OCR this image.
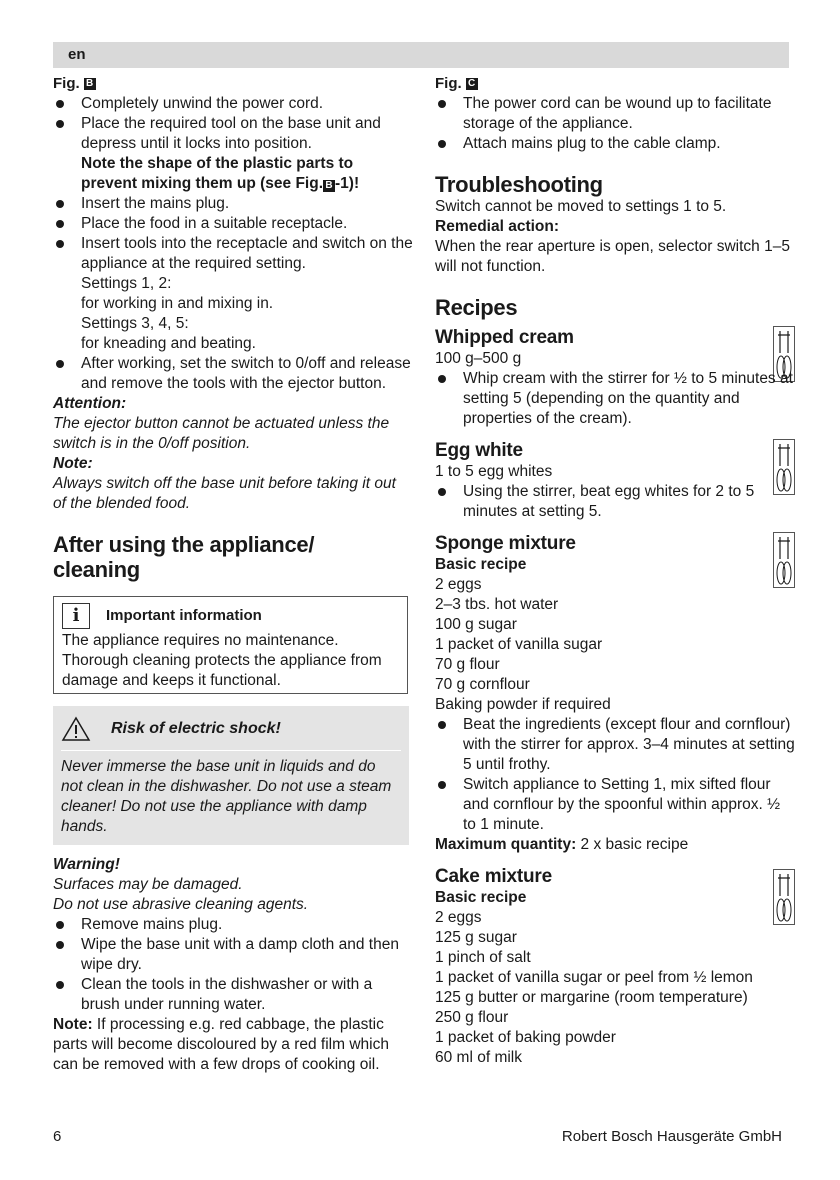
en
Fig. B
Completely unwind the power cord.
Place the required tool on the base unit and depress until it locks into position.
Note the shape of the plastic parts to prevent mixing them up (see Fig. B -1)!
Insert the mains plug.
Place the food in a suitable receptacle.
Insert tools into the receptacle and switch on the appliance at the required setting.
Settings 1, 2:
for working in and mixing in.
Settings 3, 4, 5:
for kneading and beating.
After working, set the switch to 0/off and release and remove the tools with the ejector button.
Attention:
The ejector button cannot be actuated unless the switch is in the 0/off position.
Note:
Always switch off the base unit before taking it out of the blended food.
After using the appliance/
cleaning
i	Important information
The appliance requires no maintenance. Thorough cleaning protects the appliance from damage and keeps it functional.
Risk of electric shock!
Never immerse the base unit in liquids and do not clean in the dishwasher. Do not use a steam cleaner! Do not use the appliance with damp hands.
Warning!
Surfaces may be damaged.
Do not use abrasive cleaning agents.
Remove mains plug.
Wipe the base unit with a damp cloth and then wipe dry.
Clean the tools in the dishwasher or with a brush under running water.
Note: If processing e.g. red cabbage, the plastic parts will become discoloured by a red film which can be removed with a few drops of cooking oil.
Fig. C
The power cord can be wound up to facilitate storage of the appliance.
Attach mains plug to the cable clamp.
Troubleshooting
Switch cannot be moved to settings 1 to 5.
Remedial action:
When the rear aperture is open, selector switch 1–5 will not function.
Recipes
Whipped cream
100 g–500 g
Whip cream with the stirrer for ½ to 5 minutes at setting 5 (depending on the quantity and properties of the cream).
Egg white
1 to 5 egg whites
Using the stirrer, beat egg whites for 2 to 5 minutes at setting 5.
Sponge mixture
Basic recipe
2 eggs
2–3 tbs. hot water
100 g sugar
1 packet of vanilla sugar
70 g flour
70 g cornflour
Baking powder if required
Beat the ingredients (except flour and cornflour) with the stirrer for approx. 3–4 minutes at setting 5 until frothy.
Switch appliance to Setting 1, mix sifted flour and cornflour by the spoonful within approx. ½ to 1 minute.
Maximum quantity: 2 x basic recipe
Cake mixture
Basic recipe
2 eggs
125 g sugar
1 pinch of salt
1 packet of vanilla sugar or peel from ½ lemon
125 g butter or margarine (room temperature)
250 g flour
1 packet of baking powder
60 ml of milk
6	Robert Bosch Hausgeräte GmbH
